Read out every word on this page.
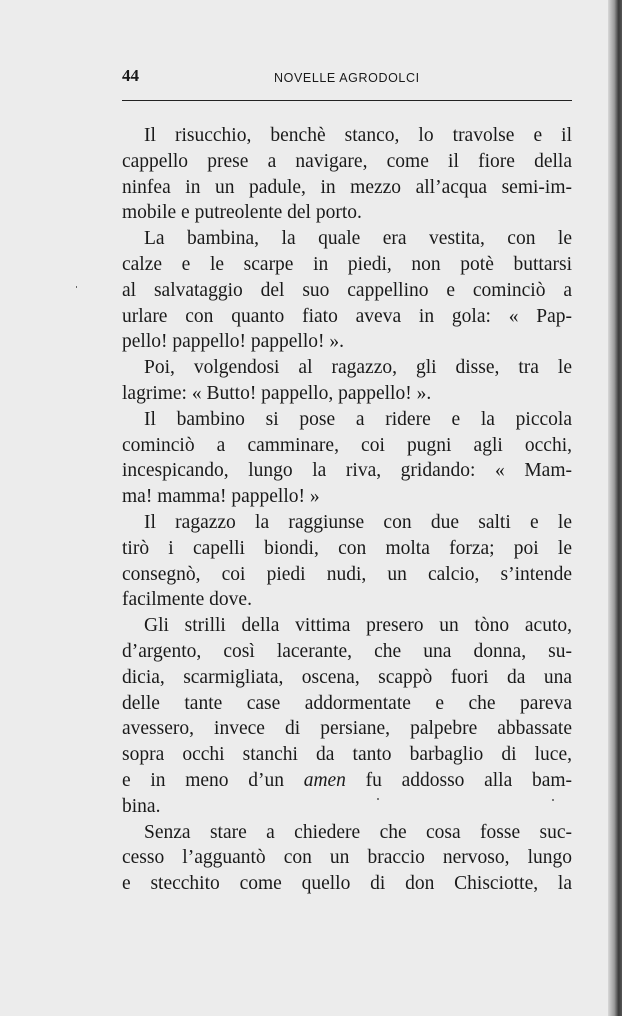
44	NOVELLE AGRODOLCI
Il risucchio, benchè stanco, lo travolse e il
cappello prese a navigare, come il fiore della
ninfea in un padule, in mezzo all’acqua semi-im-
mobile e putreolente del porto.
La bambina, la quale era vestita, con le
calze e le scarpe in piedi, non potè buttarsi
al salvataggio del suo cappellino e cominciò a
urlare con quanto fiato aveva in gola: « Pap-
pello! pappello! pappello! ».
Poi, volgendosi al ragazzo, gli disse, tra le
lagrime: « Butto! pappello, pappello! ».
Il bambino si pose a ridere e la piccola
cominciò a camminare, coi pugni agli occhi,
incespicando, lungo la riva, gridando: « Mam-
ma! mamma! pappello! »
Il ragazzo la raggiunse con due salti e le
tirò i capelli biondi, con molta forza; poi le
consegnò, coi piedi nudi, un calcio, s’intende
facilmente dove.
Gli strilli della vittima presero un tòno acuto,
d’argento, così lacerante, che una donna, su-
dicia, scarmigliata, oscena, scappò fuori da una
delle tante case addormentate e che pareva
avessero, invece di persiane, palpebre abbassate
sopra occhi stanchi da tanto barbaglio di luce,
e in meno d’un amen fu addosso alla bam-
bina.
Senza stare a chiedere che cosa fosse suc-
cesso l’agguantò con un braccio nervoso, lungo
e stecchito come quello di don Chisciotte, la
